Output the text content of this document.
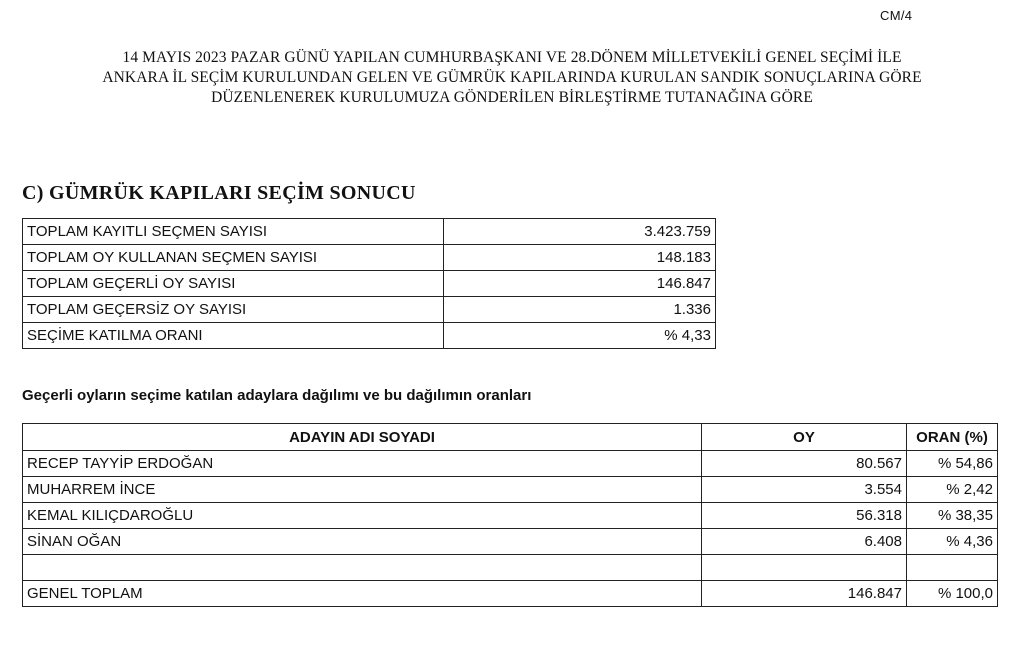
CM/4
14 MAYIS 2023 PAZAR GÜNÜ YAPILAN CUMHURBAŞKANI VE 28.DÖNEM MİLLETVEKİLİ GENEL SEÇİMİ İLE
ANKARA İL SEÇİM KURULUNDAN GELEN VE GÜMRÜK KAPILARINDA KURULAN SANDIK SONUÇLARINA GÖRE
DÜZENLENEREK KURULUMUZA GÖNDERİLEN BİRLEŞTİRME TUTANAĞINA GÖRE
C) GÜMRÜK KAPILARI SEÇİM SONUCU
TOPLAM KAYITLI SEÇMEN SAYISI	3.423.759
TOPLAM OY KULLANAN SEÇMEN SAYISI	148.183
TOPLAM GEÇERLİ OY SAYISI	146.847
TOPLAM GEÇERSİZ OY SAYISI	1.336
SEÇİME KATILMA ORANI	% 4,33
Geçerli oyların seçime katılan adaylara dağılımı ve bu dağılımın oranları
ADAYIN ADI SOYADI	OY	ORAN (%)
RECEP TAYYİP ERDOĞAN	80.567	% 54,86
MUHARREM İNCE	3.554	% 2,42
KEMAL KILIÇDAROĞLU	56.318	% 38,35
SİNAN OĞAN	6.408	% 4,36

GENEL TOPLAM	146.847	% 100,0
